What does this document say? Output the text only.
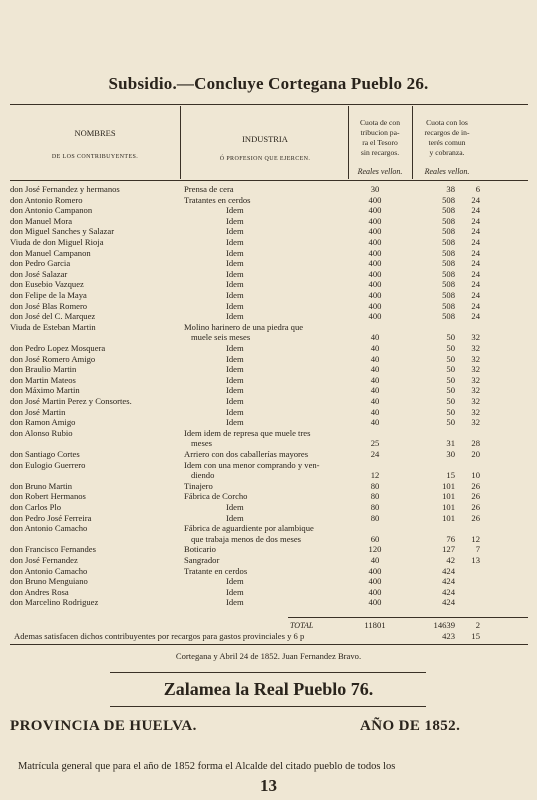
Subsidio.—Concluye Cortegana Pueblo 26.
NOMBRES
DE LOS CONTRIBUYENTES.
INDUSTRIA
Ó PROFESION QUE EJERCEN.
Cuota de con
tribucion pa-
ra el Tesoro
sin recargos.
Cuota con los
recargos de in-
terés comun
y cobranza.
Reales vellon.	Reales vellon.
don José Fernandez y hermanos	Prensa de cera	30	38	6
don Antonio Romero	Tratantes en cerdos	400	508	24
don Antonio Campanon	Idem	400	508	24
don Manuel Mora	Idem	400	508	24
don Miguel Sanches y Salazar	Idem	400	508	24
Viuda de don Miguel Rioja	Idem	400	508	24
don Manuel Campanon	Idem	400	508	24
don Pedro Garcia	Idem	400	508	24
don José Salazar	Idem	400	508	24
don Eusebio Vazquez	Idem	400	508	24
don Felipe de la Maya	Idem	400	508	24
don José Blas Romero	Idem	400	508	24
don José del C. Marquez	Idem	400	508	24
Viuda de Esteban Martin	Molino harinero de una piedra que
muele seis meses	40	50	32
don Pedro Lopez Mosquera	Idem	40	50	32
don José Romero Amigo	Idem	40	50	32
don Braulio Martin	Idem	40	50	32
don Martin Mateos	Idem	40	50	32
don Máximo Martin	Idem	40	50	32
don José Martin Perez y Consortes.	Idem	40	50	32
don José Martin	Idem	40	50	32
don Ramon Amigo	Idem	40	50	32
don Alonso Rubio	Idem idem de represa que muele tres
meses	25	31	28
don Santiago Cortes	Arriero con dos caballerías mayores	24	30	20
don Eulogio Guerrero	Idem con una menor comprando y ven-
diendo	12	15	10
don Bruno Martin	Tinajero	80	101	26
don Robert Hermanos	Fábrica de Corcho	80	101	26
don Carlos Plo	Idem	80	101	26
don Pedro José Ferreira	Idem	80	101	26
don Antonio Camacho	Fábrica de aguardiente por alambique
que trabaja menos de dos meses	60	76	12
don Francisco Fernandes	Boticario	120	127	7
don José Fernandez	Sangrador	40	42	13
don Antonio Camacho	Tratante en cerdos	400	424
don Bruno Menguiano	Idem	400	424
don Andres Rosa	Idem	400	424
don Marcelino Rodriguez	Idem	400	424
TOTAL	11801	14639	2
Ademas satisfacen dichos contribuyentes por recargos para gastos provinciales y 6 p	423	15
Cortegana y Abril 24 de 1852. Juan Fernandez Bravo.
Zalamea la Real Pueblo 76.
PROVINCIA DE HUELVA.	AÑO DE 1852.
Matrícula general que para el año de 1852 forma el Alcalde del citado pueblo de todos los
13
